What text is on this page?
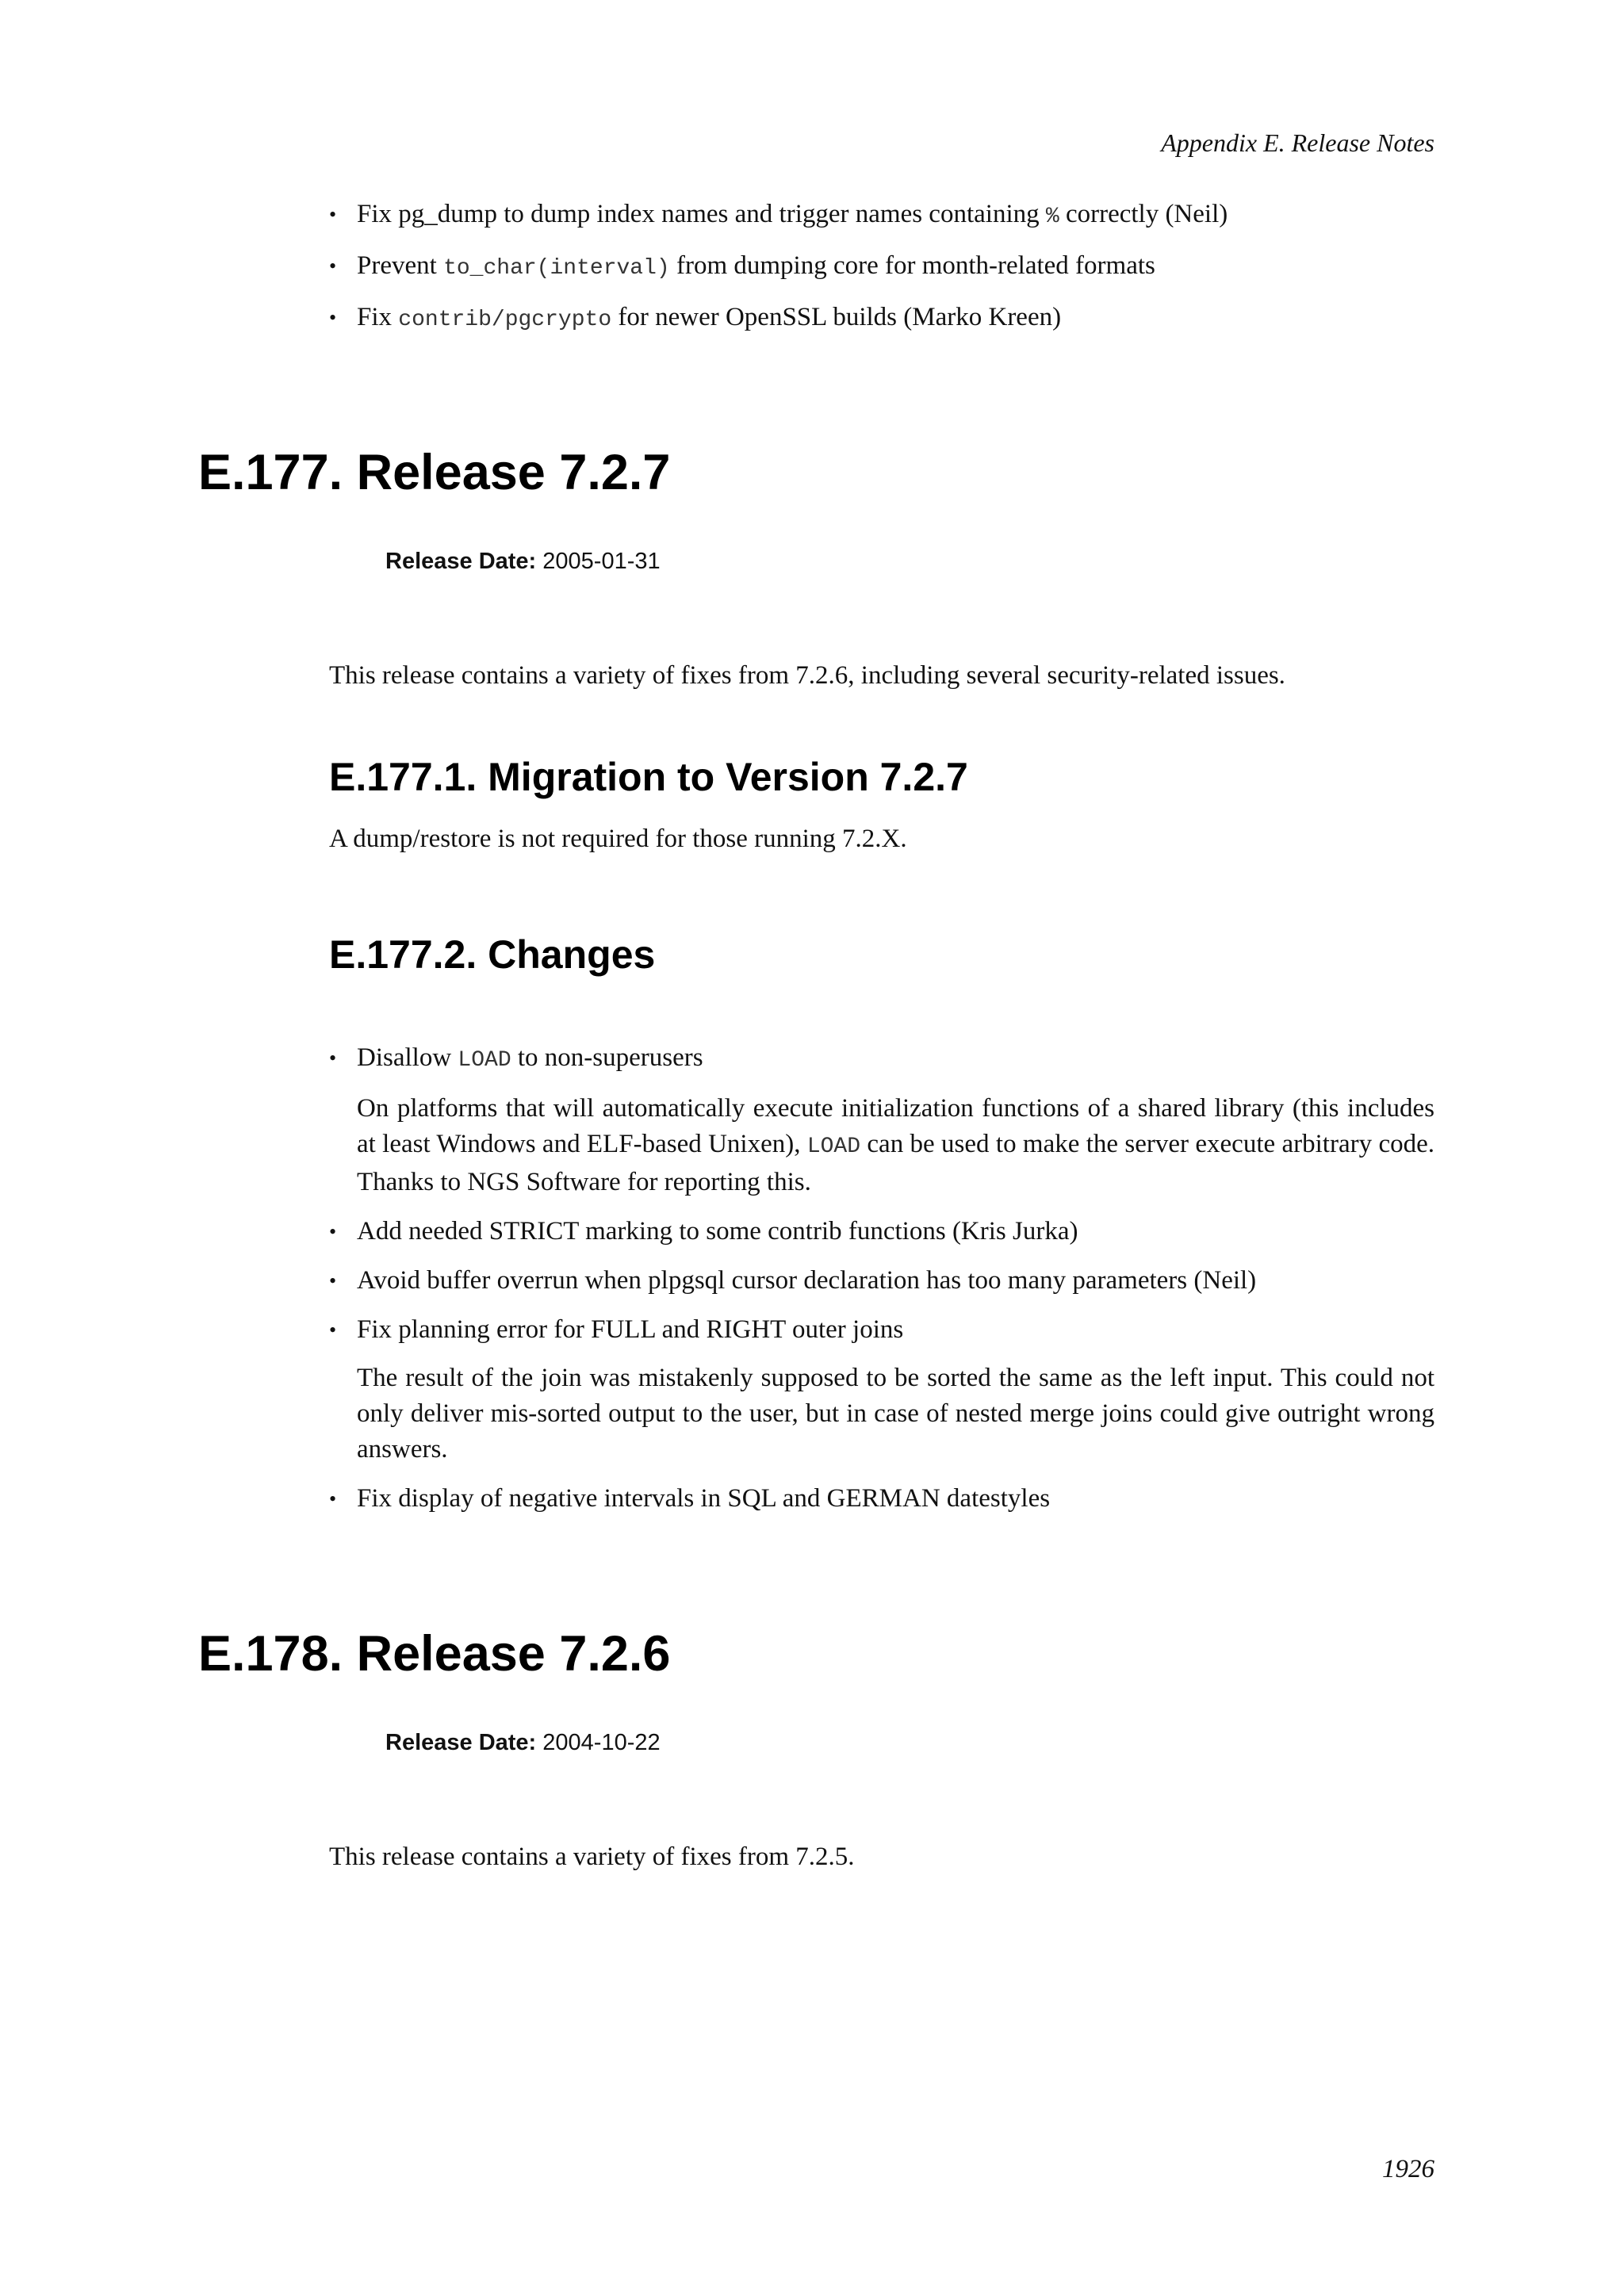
Appendix E. Release Notes
• Fix pg_dump to dump index names and trigger names containing % correctly (Neil)
• Prevent to_char(interval) from dumping core for month-related formats
• Fix contrib/pgcrypto for newer OpenSSL builds (Marko Kreen)
E.177. Release 7.2.7
Release Date: 2005-01-31

This release contains a variety of fixes from 7.2.6, including several security-related issues.

E.177.1. Migration to Version 7.2.7

A dump/restore is not required for those running 7.2.X.

E.177.2. Changes
• Disallow LOAD to non-superusers

On platforms that will automatically execute initialization functions of a shared library (this includes at least Windows and ELF-based Unixen), LOAD can be used to make the server execute arbitrary code. Thanks to NGS Software for reporting this.

• Add needed STRICT marking to some contrib functions (Kris Jurka)
• Avoid buffer overrun when plpgsql cursor declaration has too many parameters (Neil)
• Fix planning error for FULL and RIGHT outer joins

The result of the join was mistakenly supposed to be sorted the same as the left input. This could not only deliver mis-sorted output to the user, but in case of nested merge joins could give outright wrong answers.

• Fix display of negative intervals in SQL and GERMAN datestyles
E.178. Release 7.2.6
Release Date: 2004-10-22

This release contains a variety of fixes from 7.2.5.

1926
